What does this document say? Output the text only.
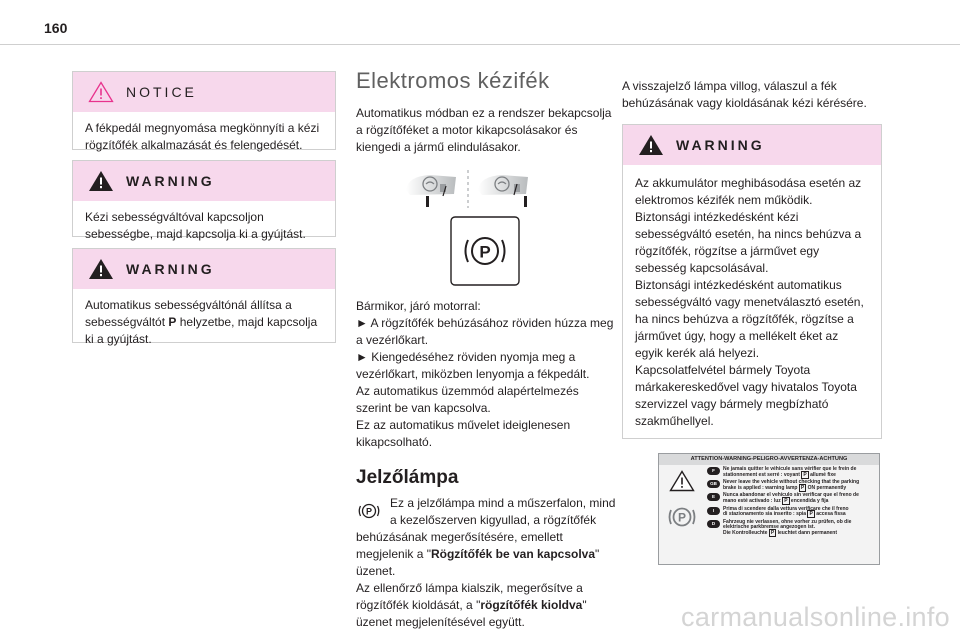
160
NOTICE
A fékpedál megnyomása megkönnyíti a kézi rögzítőfék alkalmazását és felengedését.
WARNING
Kézi sebességváltóval kapcsoljon sebességbe, majd kapcsolja ki a gyújtást.
WARNING
Automatikus sebességváltónál állítsa a sebességváltót P helyzetbe, majd kapcsolja ki a gyújtást.
Elektromos kézifék
Automatikus módban ez a rendszer bekapcsolja a rögzítőféket a motor kikapcsolásakor és kiengedi a jármű elindulásakor.
P
Bármikor, járó motorral:
► A rögzítőfék behúzásához röviden húzza meg a vezérlőkart.
► Kiengedéséhez röviden nyomja meg a vezérlőkart, miközben lenyomja a fékpedált.
Az automatikus üzemmód alapértelmezés szerint be van kapcsolva.
Ez az automatikus művelet ideiglenesen kikapcsolható.
Jelzőlámpa
P
Ez a jelzőlámpa mind a műszerfalon, mind a kezelőszerven kigyullad, a rögzítőfék behúzásának megerősítésére, emellett megjelenik a "Rögzítőfék be van kapcsolva" üzenet.
Az ellenőrző lámpa kialszik, megerősítve a rögzítőfék kioldását, a "rögzítőfék kioldva" üzenet megjelenítésével együtt.
A visszajelző lámpa villog, válaszul a fék behúzásának vagy kioldásának kézi kérésére.
WARNING
Az akkumulátor meghibásodása esetén az elektromos kézifék nem működik.
Biztonsági intézkedésként kézi sebességváltó esetén, ha nincs behúzva a rögzítőfék, rögzítse a járművet egy sebesség kapcsolásával.
Biztonsági intézkedésként automatikus sebességváltó vagy menetválasztó esetén, ha nincs behúzva a rögzítőfék, rögzítse a járművet úgy, hogy a mellékelt éket az egyik kerék alá helyezi.
Kapcsolatfelvétel bármely Toyota márkakereskedővel vagy hivatalos Toyota szervizzel vagy bármely megbízható szakműhellyel.
ATTENTION-WARNING-PELIGRO-AVVERTENZA-ACHTUNG
P
F	Ne jamais quitter le véhicule sans vérifier que le frein de
stationnement est serré : voyant P allumé fixe
GB	Never leave the vehicle without checking that the parking
brake is applied : warning lamp P ON permanently
E	Nunca abandonar el vehículo sin verificar que el freno de
mano esté activado : luz P encendida y fija
I	Prima di scendere dalla vettura verificare che il freno
di stazionamento sia inserito : spia P accesa fissa
D	Fahrzeug nie verlassen, ohne vorher zu prüfen, ob die
elektrische parkbremse angezogen ist.
Die Kontrolleuchte P leuchtet dann permanent
carmanualsonline.info
